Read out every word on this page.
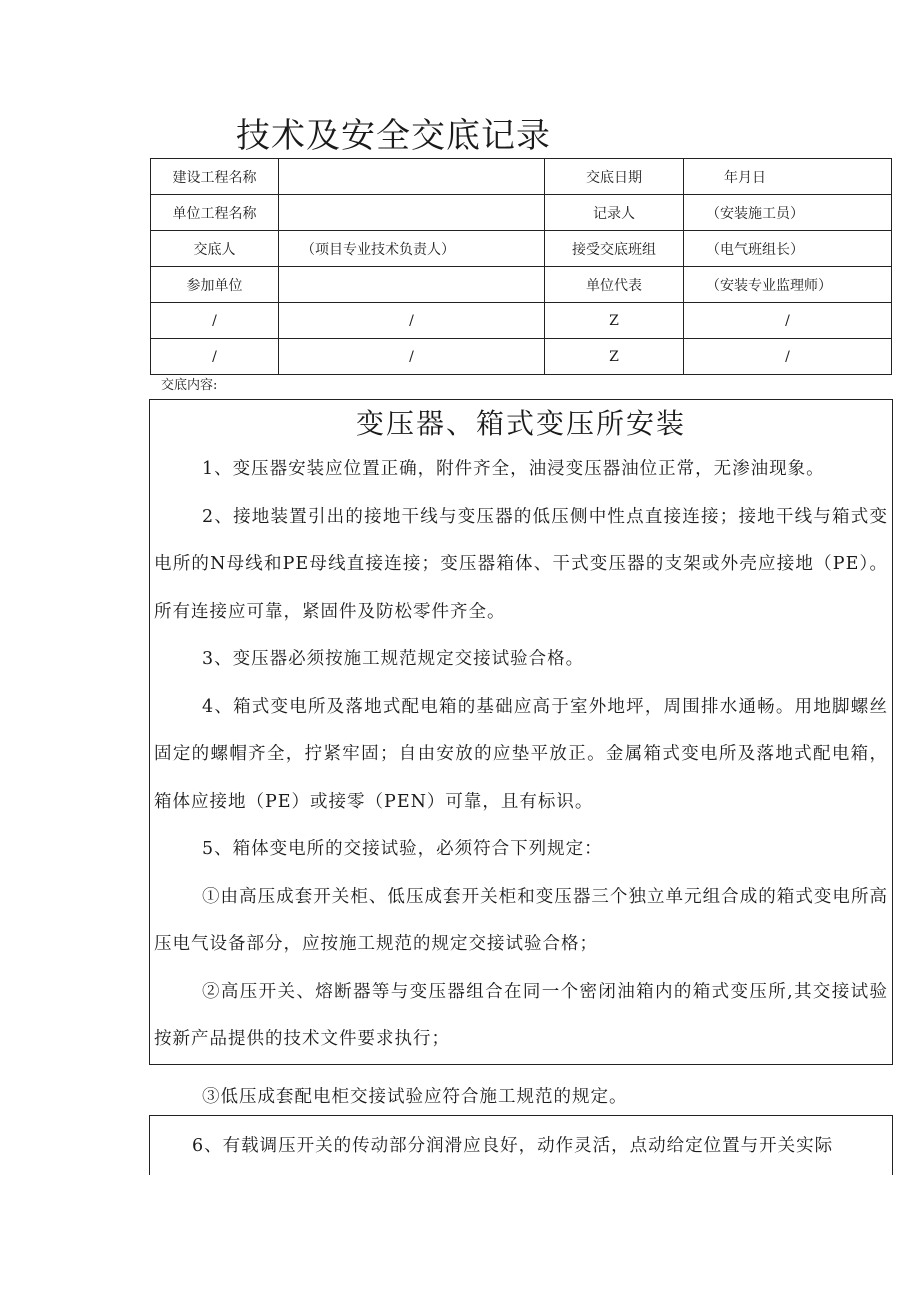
技术及安全交底记录
建设工程名称		交底日期	年月日
单位工程名称		记录人	（安装施工员）
交底人	（项目专业技术负责人）	接受交底班组	（电气班组长）
参加单位		单位代表	（安装专业监理师）
/	/	Z	/
/	/	Z	/
交底内容:
变压器、箱式变压所安装

1、变压器安装应位置正确，附件齐全，油浸变压器油位正常，无渗油现象。

2、接地装置引出的接地干线与变压器的低压侧中性点直接连接；接地干线与箱式变电所的N母线和PE母线直接连接；变压器箱体、干式变压器的支架或外壳应接地（PE）。所有连接应可靠，紧固件及防松零件齐全。

3、变压器必须按施工规范规定交接试验合格。

4、箱式变电所及落地式配电箱的基础应高于室外地坪，周围排水通畅。用地脚螺丝固定的螺帽齐全，拧紧牢固；自由安放的应垫平放正。金属箱式变电所及落地式配电箱，箱体应接地（PE）或接零（PEN）可靠，且有标识。

5、箱体变电所的交接试验，必须符合下列规定：

①由高压成套开关柜、低压成套开关柜和变压器三个独立单元组合成的箱式变电所高压电气设备部分，应按施工规范的规定交接试验合格；

②高压开关、熔断器等与变压器组合在同一个密闭油箱内的箱式变压所,其交接试验按新产品提供的技术文件要求执行；

③低压成套配电柜交接试验应符合施工规范的规定。

6、有载调压开关的传动部分润滑应良好，动作灵活，点动给定位置与开关实际
